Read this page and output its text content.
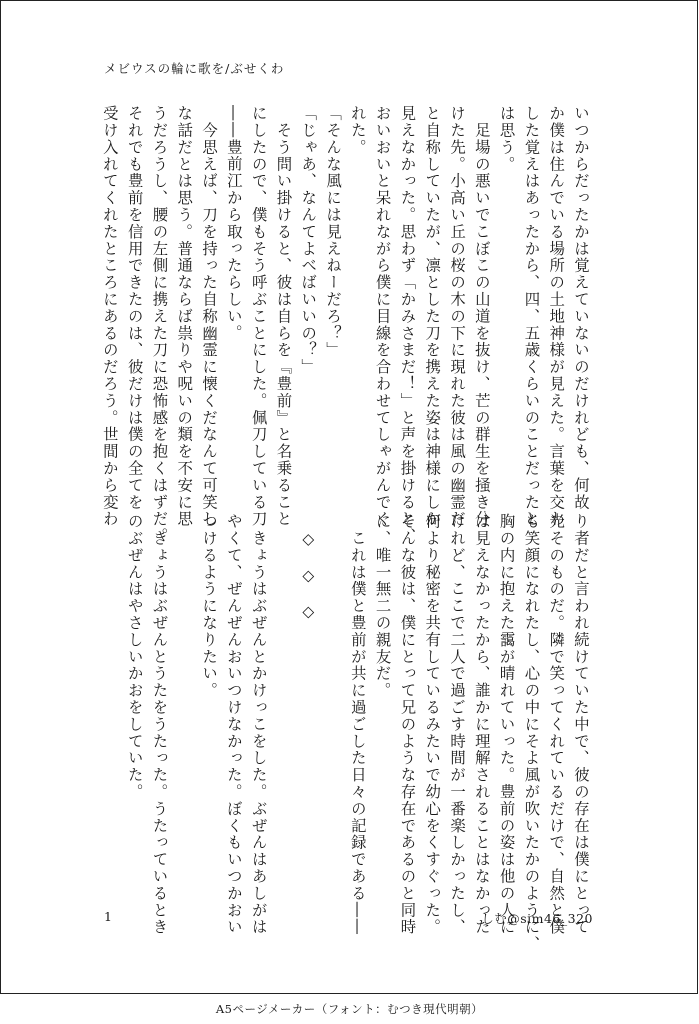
メビウスの輪に歌を/ぶせくわ

いつからだったかは覚えていないのだけれども、何故

か僕は住んでいる場所の土地神様が見えた。言葉を交わ

した覚えはあったから、四、五歳くらいのことだったと

は思う。

　足場の悪いでこぼこの山道を抜け、芒の群生を掻き分

けた先。小高い丘の桜の木の下に現れた彼は風の幽霊だ

と自称していたが、凛とした刀を携えた姿は神様にしか

見えなかった。思わず「かみさまだ！」と声を掛けると、

おいおいと呆れながら僕に目線を合わせてしゃがんでく

れた。

「そんな風には見えねーだろ？」

「じゃあ、なんてよべばいいの？」

　そう問い掛けると、彼は自らを『豊前』と名乗ること

にしたので、僕もそう呼ぶことにした。佩刀している刀

――豊前江から取ったらしい。

　今思えば、刀を持った自称幽霊に懐くだなんて可笑し

な話だとは思う。普通ならば祟りや呪いの類を不安に思

うだろうし、腰の左側に携えた刀に恐怖感を抱くはずだ。

それでも豊前を信用できたのは、彼だけは僕の全てを

受け入れてくれたところにあるのだろう。世間から変わ

り者だと言われ続けていた中で、彼の存在は僕にとって

光そのものだ。隣で笑ってくれているだけで、自然と僕

も笑顔になれたし、心の中にそよ風が吹いたかのように、

胸の内に抱えた靄が晴れていった。豊前の姿は他の人に

は見えなかったから、誰かに理解されることはなかった

けれど、ここで二人で過ごす時間が一番楽しかったし、

何より秘密を共有しているみたいで幼心をくすぐった。

そんな彼は、僕にとって兄のような存在であるのと同時

に、唯一無二の親友だ。

　これは僕と豊前が共に過ごした日々の記録である――

　◇　◇　◇

　きょうはぶぜんとかけっこをした。ぶぜんはあしがは

やくて、ぜんぜんおいつけなかった。ぼくもいつかおい

つけるようになりたい。

　きょうはぶぜんとうたをうたった。うたっているとき

のぶぜんはやさしいかおをしていた。

1	しむ@sim46_320
A5ページメーカー（フォント：むつき現代明朝）
